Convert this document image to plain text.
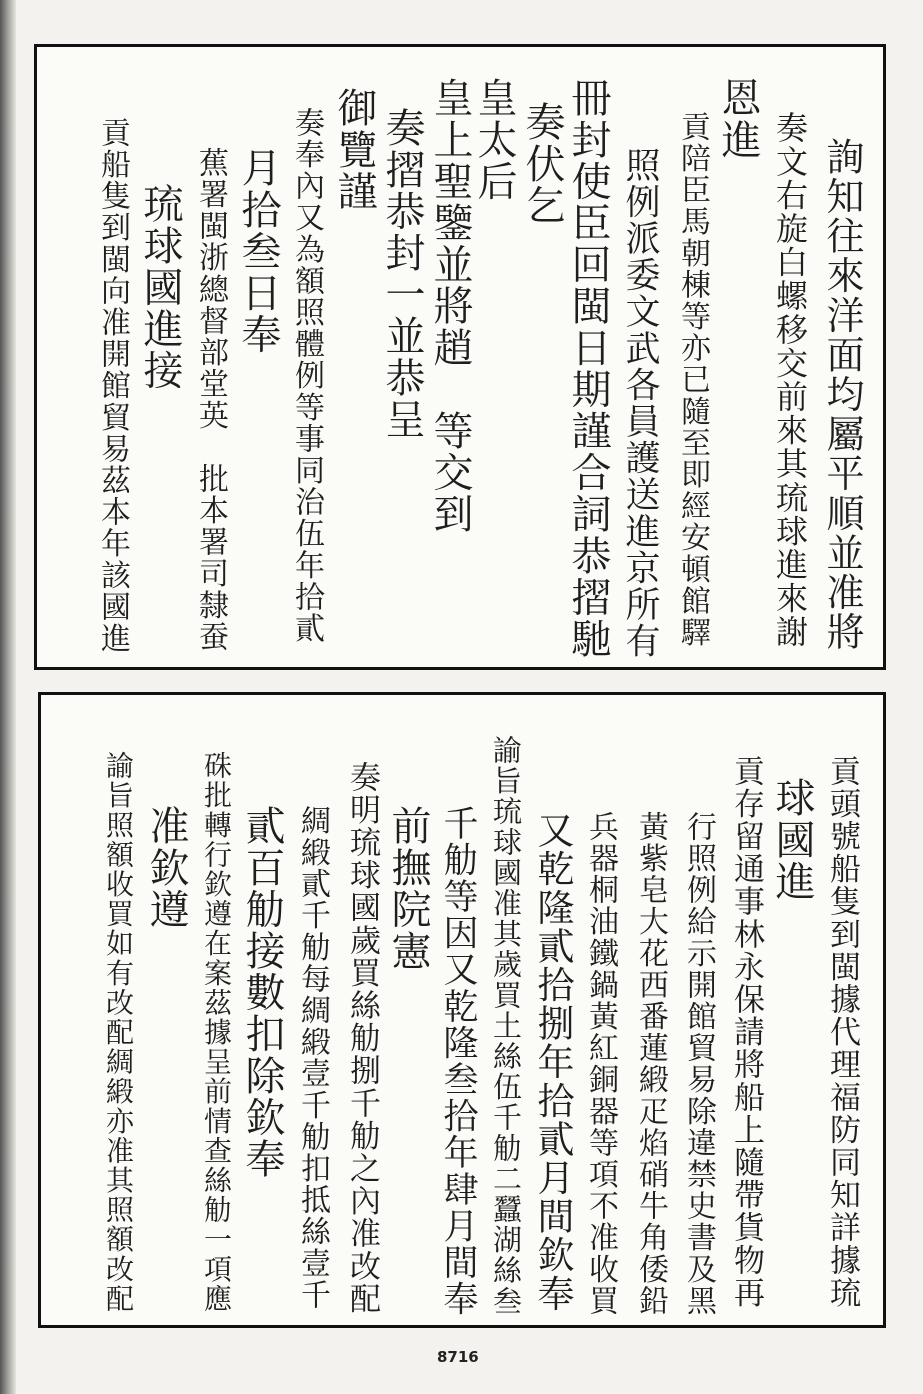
詢知往來洋面均屬平順並准將
奏文右旋白螺移交前來其琉球進來謝
恩進
貢陪臣馬朝棟等亦已隨至即經安頓館驛
照例派委文武各員護送進京所有
冊封使臣回閩日期謹合詞恭摺馳
奏伏乞
皇太后
皇上聖鑒並將趙　等交到
奏摺恭封一並恭呈
御覽謹
奏奉內又為額照體例等事同治伍年拾貳
月拾叁日奉
蕉署閩浙總督部堂英　批本署司隸蚕
琉球國進接
貢船隻到閩向准開館貿易茲本年該國進
貢頭號船隻到閩據代理福防同知詳據琉
球國進
貢存留通事林永保請將船上隨帶貨物再
行照例給示開館貿易除違禁史書及黑
黃紫皂大花西番蓮緞疋焰硝牛角倭鉛
兵器桐油鐵鍋黃紅銅器等項不准收買
又乾隆貳拾捌年拾貳月間欽奉
諭旨琉球國准其歲買土絲伍千觔二蠶湖絲叁
千觔等因又乾隆叁拾年肆月間奉
前撫院憲
奏明琉球國歲買絲觔捌千觔之內准改配
綢緞貳千觔每綢緞壹千觔扣抵絲壹千
貳百觔接數扣除欽奉
硃批轉行欽遵在案茲據呈前情查絲觔一項應
准欽遵
諭旨照額收買如有改配綢緞亦准其照額改配
8716
